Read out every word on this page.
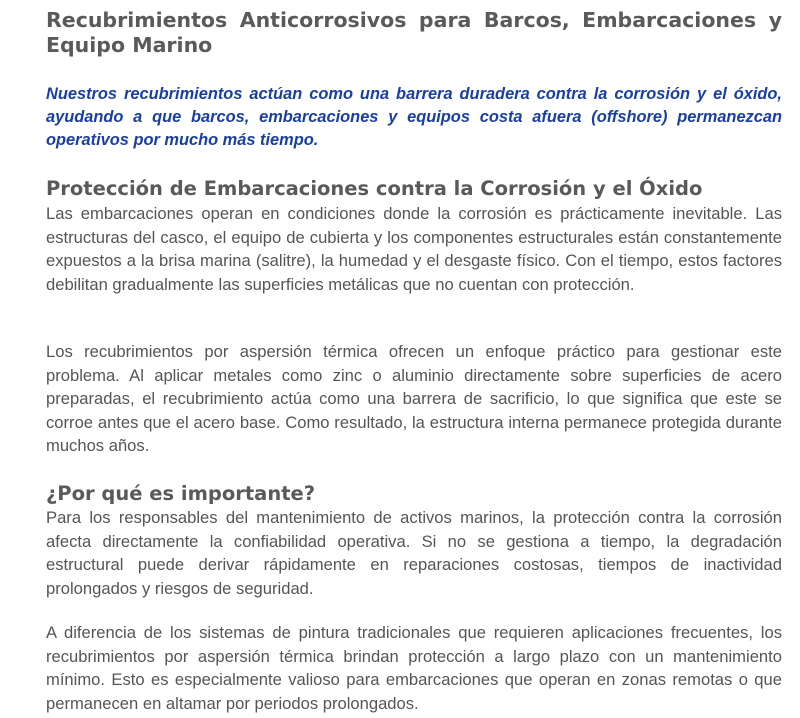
Recubrimientos Anticorrosivos para Barcos, Embarcaciones y Equipo Marino

Nuestros recubrimientos actúan como una barrera duradera contra la corrosión y el óxido, ayudando a que barcos, embarcaciones y equipos costa afuera (offshore) permanezcan operativos por mucho más tiempo.

Protección de Embarcaciones contra la Corrosión y el Óxido

Las embarcaciones operan en condiciones donde la corrosión es prácticamente inevitable. Las estructuras del casco, el equipo de cubierta y los componentes estructurales están constantemente expuestos a la brisa marina (salitre), la humedad y el desgaste físico. Con el tiempo, estos factores debilitan gradualmente las superficies metálicas que no cuentan con protección.

Los recubrimientos por aspersión térmica ofrecen un enfoque práctico para gestionar este problema. Al aplicar metales como zinc o aluminio directamente sobre superficies de acero preparadas, el recubrimiento actúa como una barrera de sacrificio, lo que significa que este se corroe antes que el acero base. Como resultado, la estructura interna permanece protegida durante muchos años.

¿Por qué es importante?

Para los responsables del mantenimiento de activos marinos, la protección contra la corrosión afecta directamente la confiabilidad operativa. Si no se gestiona a tiempo, la degradación estructural puede derivar rápidamente en reparaciones costosas, tiempos de inactividad prolongados y riesgos de seguridad.

A diferencia de los sistemas de pintura tradicionales que requieren aplicaciones frecuentes, los recubrimientos por aspersión térmica brindan protección a largo plazo con un mantenimiento mínimo. Esto es especialmente valioso para embarcaciones que operan en zonas remotas o que permanecen en altamar por periodos prolongados.
